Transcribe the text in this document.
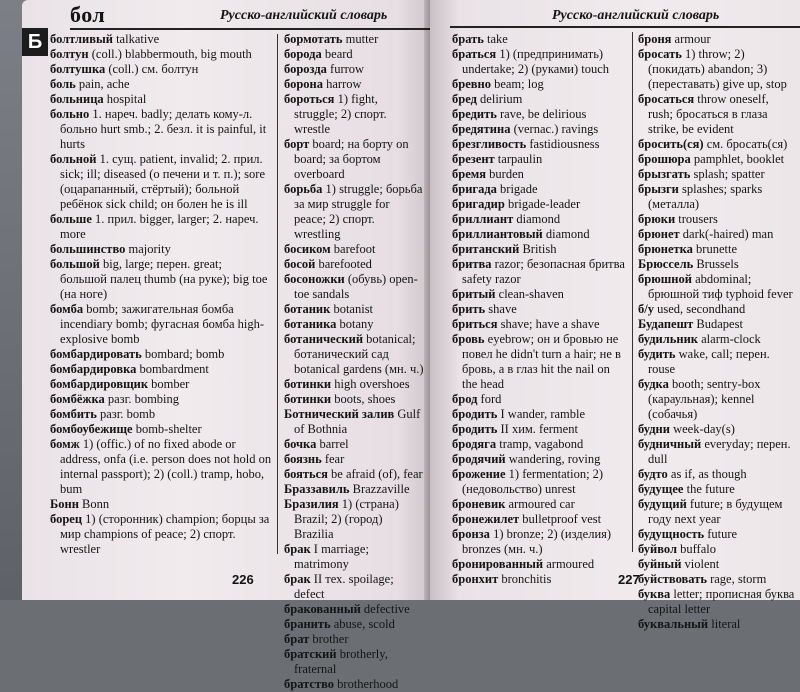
Б
бол	Русско-английский словарь

болтливый talkative

болтун (coll.) blabbermouth, big mouth

болтушка (coll.) см. болтун

боль pain, ache

больница hospital

больно 1. нареч. badly; делать кому-л. больно hurt smb.; 2. безл. it is painful, it hurts

больной 1. сущ. patient, invalid; 2. прил. sick; ill; diseased (о печени и т. п.); sore (оцарапанный, стёртый); больной ребёнок sick child; он болен he is ill

больше 1. прил. bigger, larger; 2. нареч. more

большинство majority

большой big, large; перен. great; большой палец thumb (на руке); big toe (на ноге)

бомба bomb; зажигательная бомба incendiary bomb; фугасная бомба high-explosive bomb

бомбардировать bombard; bomb

бомбардировка bombardment

бомбардировщик bomber

бомбёжка разг. bombing

бомбить разг. bomb

бомбоубежище bomb-shelter

бомж 1) (offic.) of no fixed abode or address, onfa (i.e. person does not hold on internal passport); 2) (coll.) tramp, hobo, bum

Бонн Bonn

борец 1) (сторонник) champion; борцы за мир champions of peace; 2) спорт. wrestler

бормотать mutter

борода beard

борозда furrow

борона harrow

бороться 1) fight, struggle; 2) спорт. wrestle

борт board; на борту on board; за бортом overboard

борьба 1) struggle; борьба за мир struggle for peace; 2) спорт. wrestling

босиком barefoot

босой barefooted

босоножки (обувь) open-toe sandals

ботаник botanist

ботаника botany

ботанический botanical; ботанический сад botanical gardens (мн. ч.)

ботинки high overshoes

ботинки boots, shoes

Ботнический залив Gulf of Bothnia

бочка barrel

боязнь fear

бояться be afraid (of), fear

Браззавиль Brazzaville

Бразилия 1) (страна) Brazil; 2) (город) Brazilia

брак I marriage; matrimony

брак II тех. spoilage; defect

бракованный defective

бранить abuse, scold

брат brother

братский brotherly, fraternal

братство brotherhood

226
Русско-английский словарь

брать take

браться 1) (предпринимать) undertake; 2) (руками) touch

бревно beam; log

бред delirium

бредить rave, be delirious

бредятина (vernac.) ravings

брезгливость fastidiousness

брезент tarpaulin

бремя burden

бригада brigade

бригадир brigade-leader

бриллиант diamond

бриллиантовый diamond

британский British

бритва razor; безопасная бритва safety razor

бритый clean-shaven

брить shave

бриться shave; have a shave

бровь eyebrow; он и бровью не повел he didn't turn a hair; не в бровь, а в глаз hit the nail on the head

брод ford

бродить I wander, ramble

бродить II хим. ferment

бродяга tramp, vagabond

бродячий wandering, roving

брожение 1) fermentation; 2) (недовольство) unrest

броневик armoured car

бронежилет bulletproof vest

бронза 1) bronze; 2) (изделия) bronzes (мн. ч.)

бронированный armoured

бронхит bronchitis

броня armour

бросать 1) throw; 2) (покидать) abandon; 3) (переставать) give up, stop

бросаться throw oneself, rush; бросаться в глаза strike, be evident

бросить(ся) см. бросать(ся)

брошюра pamphlet, booklet

брызгать splash; spatter

брызги splashes; sparks (металла)

брюки trousers

брюнет dark(-haired) man

брюнетка brunette

Брюссель Brussels

брюшной abdominal; брюшной тиф typhoid fever

б/у used, secondhand

Будапешт Budapest

будильник alarm-clock

будить wake, call; перен. rouse

будка booth; sentry-box (караульная); kennel (собачья)

будни week-day(s)

будничный everyday; перен. dull

будто as if, as though

будущее the future

будущий future; в будущем году next year

будущность future

буйвол buffalo

буйный violent

буйствовать rage, storm

буква letter; прописная буква capital letter

буквальный literal

227
